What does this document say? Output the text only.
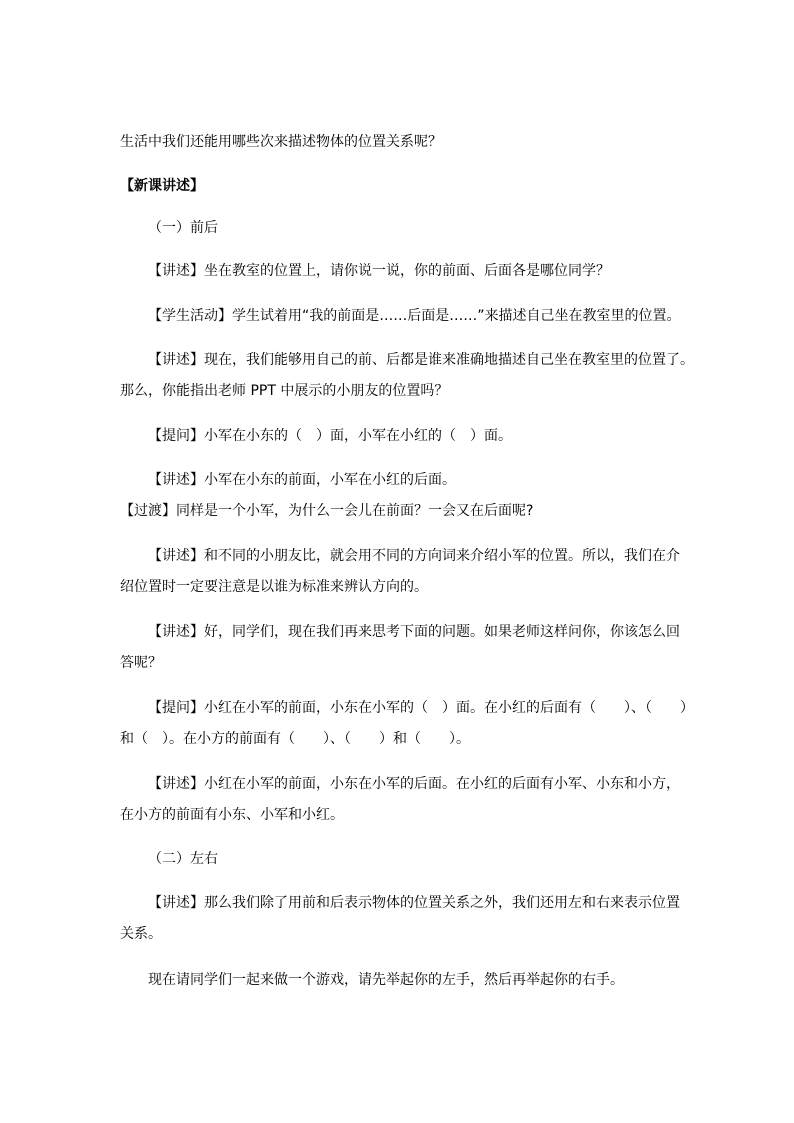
生活中我们还能用哪些次来描述物体的位置关系呢？
【新课讲述】
（一）前后
【讲述】坐在教室的位置上，请你说一说，你的前面、后面各是哪位同学？
【学生活动】学生试着用“我的前面是……后面是……”来描述自己坐在教室里的位置。
【讲述】现在，我们能够用自己的前、后都是谁来准确地描述自己坐在教室里的位置了。
那么，你能指出老师 PPT 中展示的小朋友的位置吗？
【提问】小军在小东的（　）面，小军在小红的（　）面。
【讲述】小军在小东的前面，小军在小红的后面。
【过渡】同样是一个小军，为什么一会儿在前面？一会又在后面呢?
【讲述】和不同的小朋友比，就会用不同的方向词来介绍小军的位置。所以，我们在介
绍位置时一定要注意是以谁为标准来辨认方向的。
【讲述】好，同学们，现在我们再来思考下面的问题。如果老师这样问你，你该怎么回
答呢？
【提问】小红在小军的前面，小东在小军的（　）面。在小红的后面有（　　）、（　　）
和（　）。在小方的前面有（　　）、（　　）和（　　）。
【讲述】小红在小军的前面，小东在小军的后面。在小红的后面有小军、小东和小方，
在小方的前面有小东、小军和小红。
（二）左右
【讲述】那么我们除了用前和后表示物体的位置关系之外，我们还用左和右来表示位置
关系。
现在请同学们一起来做一个游戏，请先举起你的左手，然后再举起你的右手。
